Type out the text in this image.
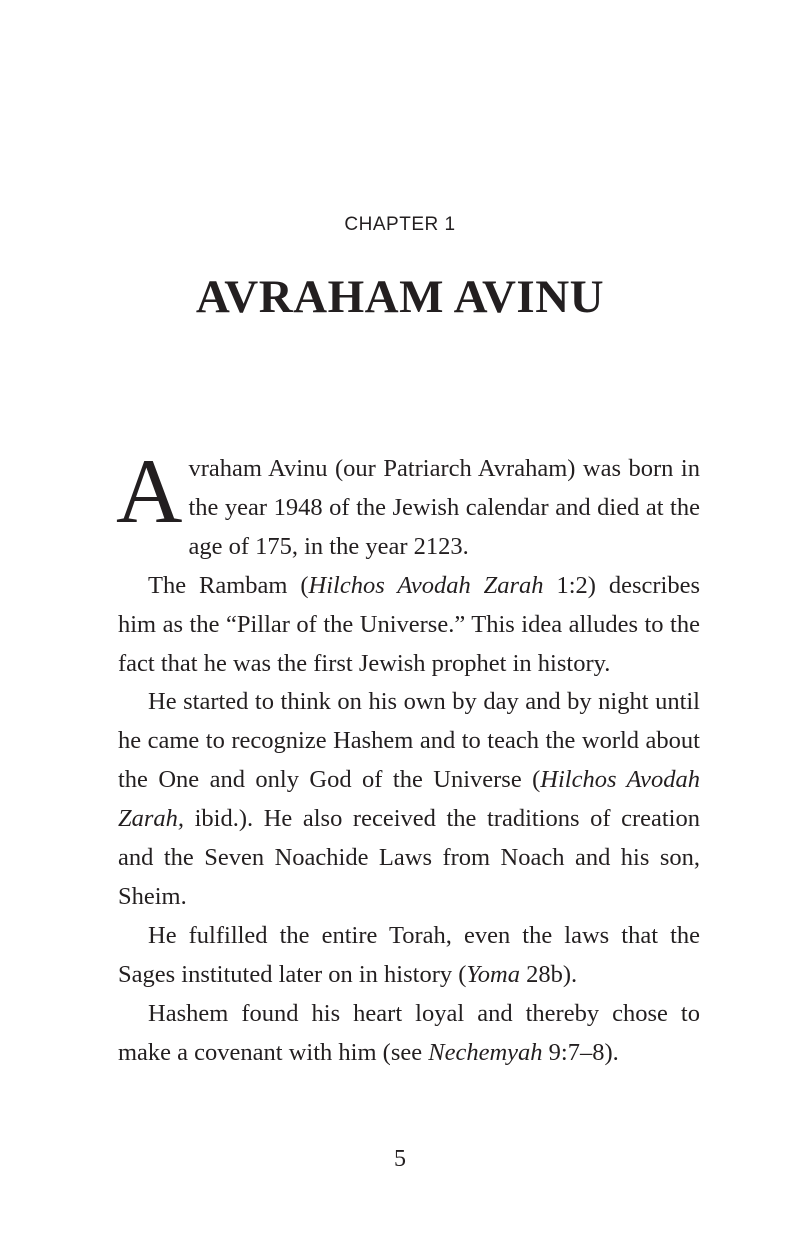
CHAPTER 1
AVRAHAM AVINU

Avraham Avinu (our Patriarch Avraham) was born in the year 1948 of the Jewish calendar and died at the age of 175, in the year 2123.

The Rambam (Hilchos Avodah Zarah 1:2) describes him as the “Pillar of the Universe.” This idea alludes to the fact that he was the first Jewish prophet in history.

He started to think on his own by day and by night until he came to recognize Hashem and to teach the world about the One and only God of the Universe (Hilchos Avodah Zarah, ibid.). He also received the traditions of creation and the Seven Noachide Laws from Noach and his son, Sheim.

He fulfilled the entire Torah, even the laws that the Sages instituted later on in history (Yoma 28b).

Hashem found his heart loyal and thereby chose to make a covenant with him (see Nechemyah 9:7–8).

5
